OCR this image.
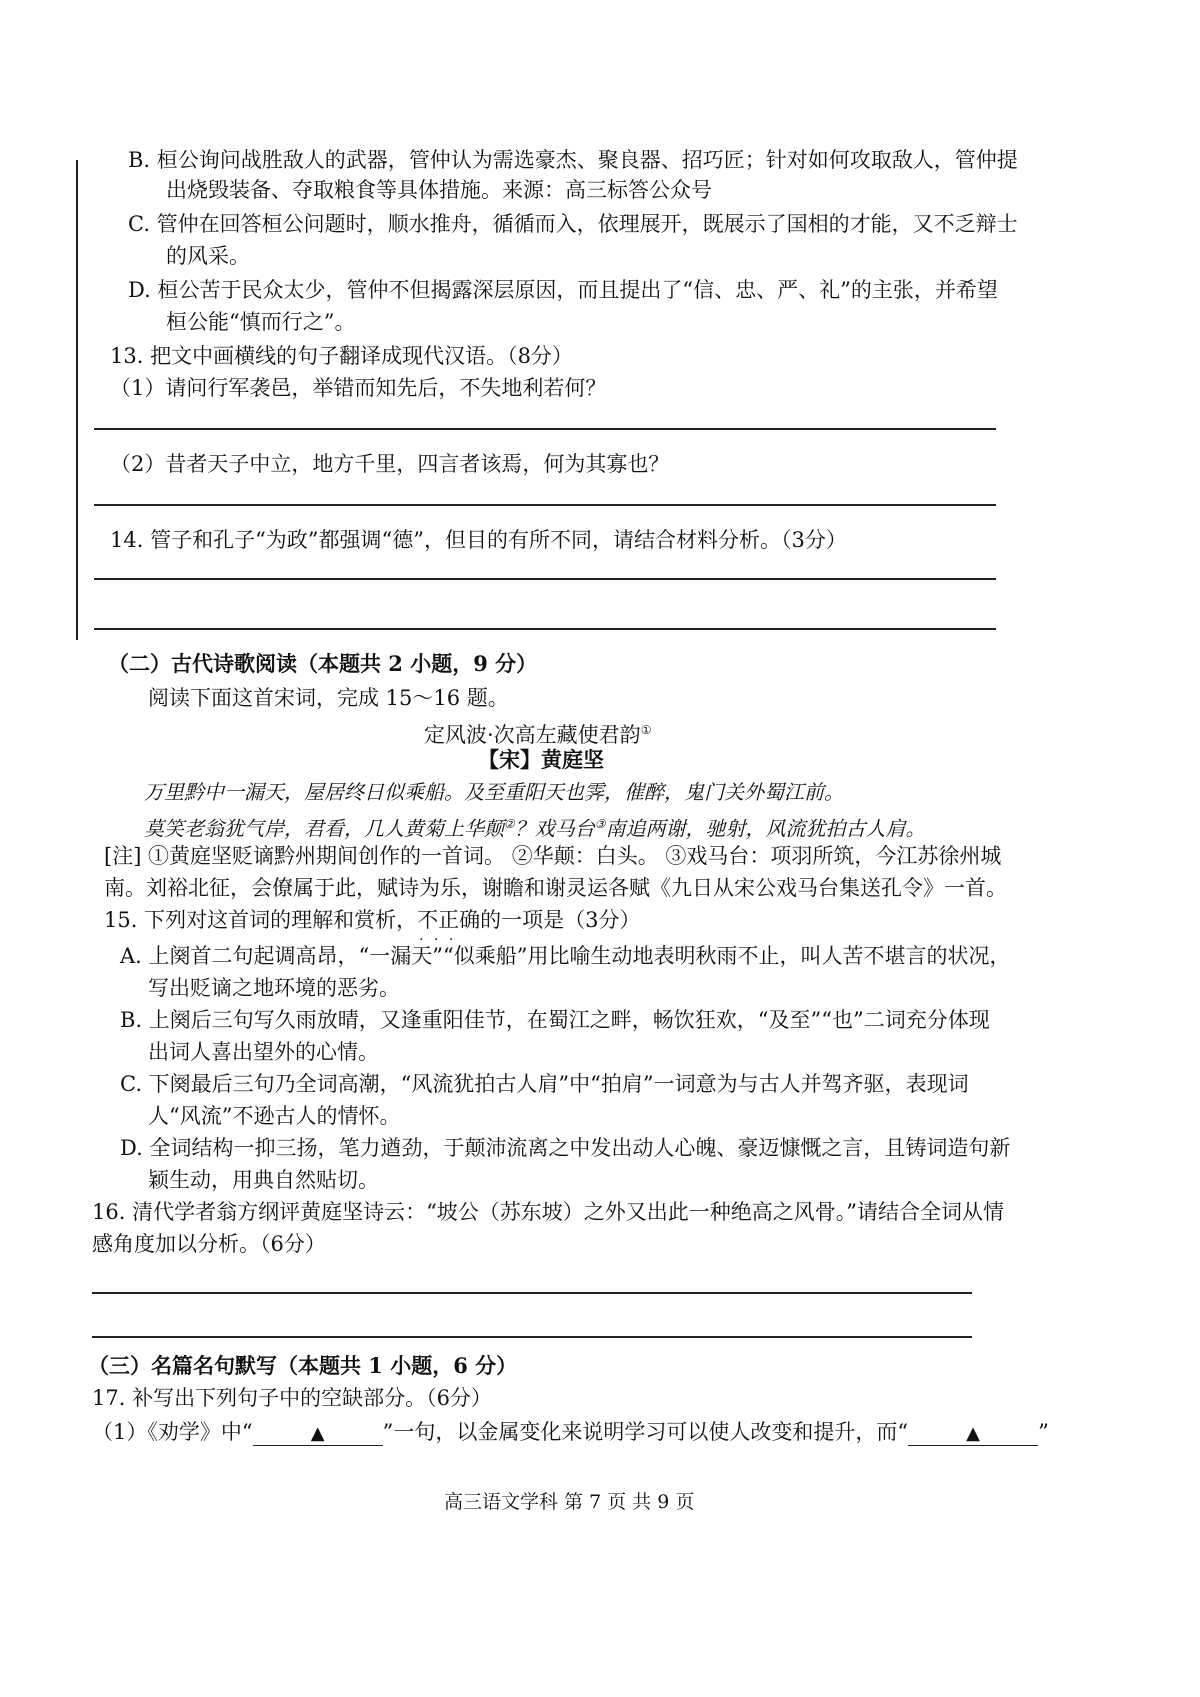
B. 桓公询问战胜敌人的武器，管仲认为需选豪杰、聚良器、招巧匠；针对如何攻取敌人，管仲提
出烧毁装备、夺取粮食等具体措施。来源：高三标答公众号
C. 管仲在回答桓公问题时，顺水推舟，循循而入，依理展开，既展示了国相的才能，又不乏辩士
的风采。
D. 桓公苦于民众太少，管仲不但揭露深层原因，而且提出了“信、忠、严、礼”的主张，并希望
桓公能“慎而行之”。
13. 把文中画横线的句子翻译成现代汉语。（8分）
（1）请问行军袭邑，举错而知先后，不失地利若何？
（2）昔者天子中立，地方千里，四言者该焉，何为其寡也？
14. 管子和孔子“为政”都强调“德”，但目的有所不同，请结合材料分析。（3分）
（二）古代诗歌阅读（本题共 2 小题，9 分）
阅读下面这首宋词，完成 15～16 题。
定风波·次高左藏使君韵①
【宋】黄庭坚
万里黔中一漏天，屋居终日似乘船。及至重阳天也霁，催醉，鬼门关外蜀江前。
莫笑老翁犹气岸，君看，几人黄菊上华颠②？戏马台③南追两谢，驰射，风流犹拍古人肩。
[注] ①黄庭坚贬谪黔州期间创作的一首词。 ②华颠：白头。 ③戏马台：项羽所筑，今江苏徐州城
南。刘裕北征，会僚属于此，赋诗为乐，谢瞻和谢灵运各赋《九日从宋公戏马台集送孔令》一首。
15. 下列对这首词的理解和赏析，不正确 · · ·的一项是（3分）
A. 上阕首二句起调高昂，“一漏天”“似乘船”用比喻生动地表明秋雨不止，叫人苦不堪言的状况，
写出贬谪之地环境的恶劣。
B. 上阕后三句写久雨放晴，又逢重阳佳节，在蜀江之畔，畅饮狂欢，“及至”“也”二词充分体现
出词人喜出望外的心情。
C. 下阕最后三句乃全词高潮，“风流犹拍古人肩”中“拍肩”一词意为与古人并驾齐驱，表现词
人“风流”不逊古人的情怀。
D. 全词结构一抑三扬，笔力遒劲，于颠沛流离之中发出动人心魄、豪迈慷慨之言，且铸词造句新
颖生动，用典自然贴切。
16. 清代学者翁方纲评黄庭坚诗云：“坡公（苏东坡）之外又出此一种绝高之风骨。”请结合全词从情
感角度加以分析。（6分）
（三）名篇名句默写（本题共 1 小题，6 分）
17. 补写出下列句子中的空缺部分。（6分）
（1）《劝学》中“	▲	”一句，以金属变化来说明学习可以使人改变和提升，而“	▲	”
高三语文学科 第 7 页 共 9 页
